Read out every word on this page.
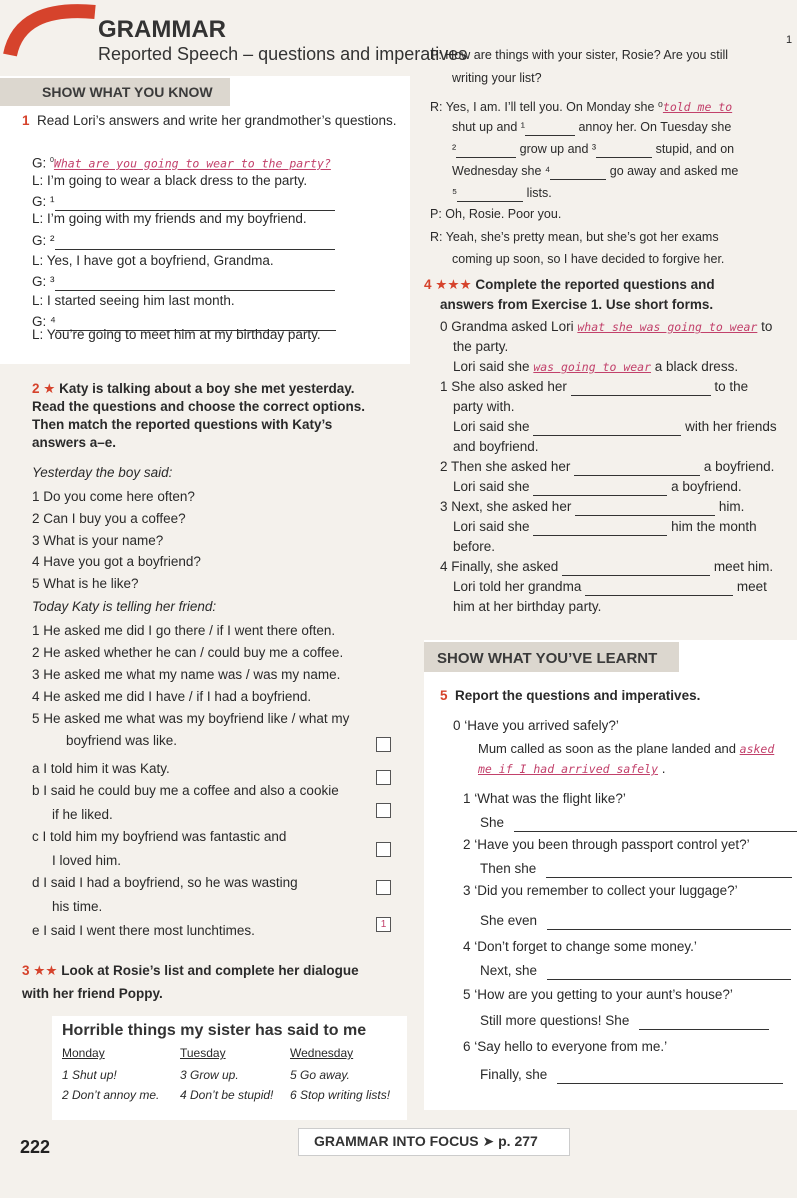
GRAMMAR
Reported Speech – questions and imperatives
1
SHOW WHAT YOU KNOW
1 Read Lori’s answers and write her grandmother’s questions.
G: $^0$What are you going to wear to the party?
L: I’m going to wear a black dress to the party.
G: ¹
L: I’m going with my friends and my boyfriend.
G: ²
L: Yes, I have got a boyfriend, Grandma.
G: ³
L: I started seeing him last month.
G: ⁴
L: You’re going to meet him at my birthday party.
2 ★ Katy is talking about a boy she met yesterday.
Read the questions and choose the correct options.
Then match the reported questions with Katy’s
answers a–e.
Yesterday the boy said:
1 Do you come here often?
2 Can I buy you a coffee?
3 What is your name?
4 Have you got a boyfriend?
5 What is he like?
Today Katy is telling her friend:
1 He asked me did I go there / if I went there often.
2 He asked whether he can / could buy me a coffee.
3 He asked me what my name was / was my name.
4 He asked me did I have / if I had a boyfriend.
5 He asked me what was my boyfriend like / what my
boyfriend was like.
a I told him it was Katy.
b I said he could buy me a coffee and also a cookie
if he liked.
c I told him my boyfriend was fantastic and
I loved him.
d I said I had a boyfriend, so he was wasting
his time.
e I said I went there most lunchtimes.	1
3 ★★ Look at Rosie’s list and complete her dialogue
with her friend Poppy.
Horrible things my sister has said to me
Monday	Tuesday	Wednesday
1 Shut up!	3 Grow up.	5 Go away.
2 Don’t annoy me. 4 Don’t be stupid! 6 Stop writing lists!
P: How are things with your sister, Rosie? Are you still
writing your list?
R: Yes, I am. I’ll tell you. On Monday she ⁰told me to
shut up and ¹	annoy her. On Tuesday she
²	grow up and ³	stupid, and on
Wednesday she ⁴	go away and asked me
⁵	lists.
P: Oh, Rosie. Poor you.
R: Yeah, she’s pretty mean, but she’s got her exams
coming up soon, so I have decided to forgive her.
4 ★★★ Complete the reported questions and
answers from Exercise 1. Use short forms.
0 Grandma asked Lori what she was going to wear to
the party.
Lori said she was going to wear a black dress.
1 She also asked her	to the
party with.
Lori said she	with her friends
and boyfriend.
2 Then she asked her	a boyfriend.
Lori said she	a boyfriend.
3 Next, she asked her	him.
Lori said she	him the month
before.
4 Finally, she asked	meet him.
Lori told her grandma	meet
him at her birthday party.
SHOW WHAT YOU’VE LEARNT
5 Report the questions and imperatives.
0 ‘Have you arrived safely?’
Mum called as soon as the plane landed and asked
me if I had arrived safely .
1 ‘What was the flight like?’
She
2 ‘Have you been through passport control yet?’
Then she
3 ‘Did you remember to collect your luggage?’
She even
4 ‘Don’t forget to change some money.’
Next, she
5 ‘How are you getting to your aunt’s house?’
Still more questions! She
6 ‘Say hello to everyone from me.’
Finally, she
222	GRAMMAR INTO FOCUS ➤ p. 277
